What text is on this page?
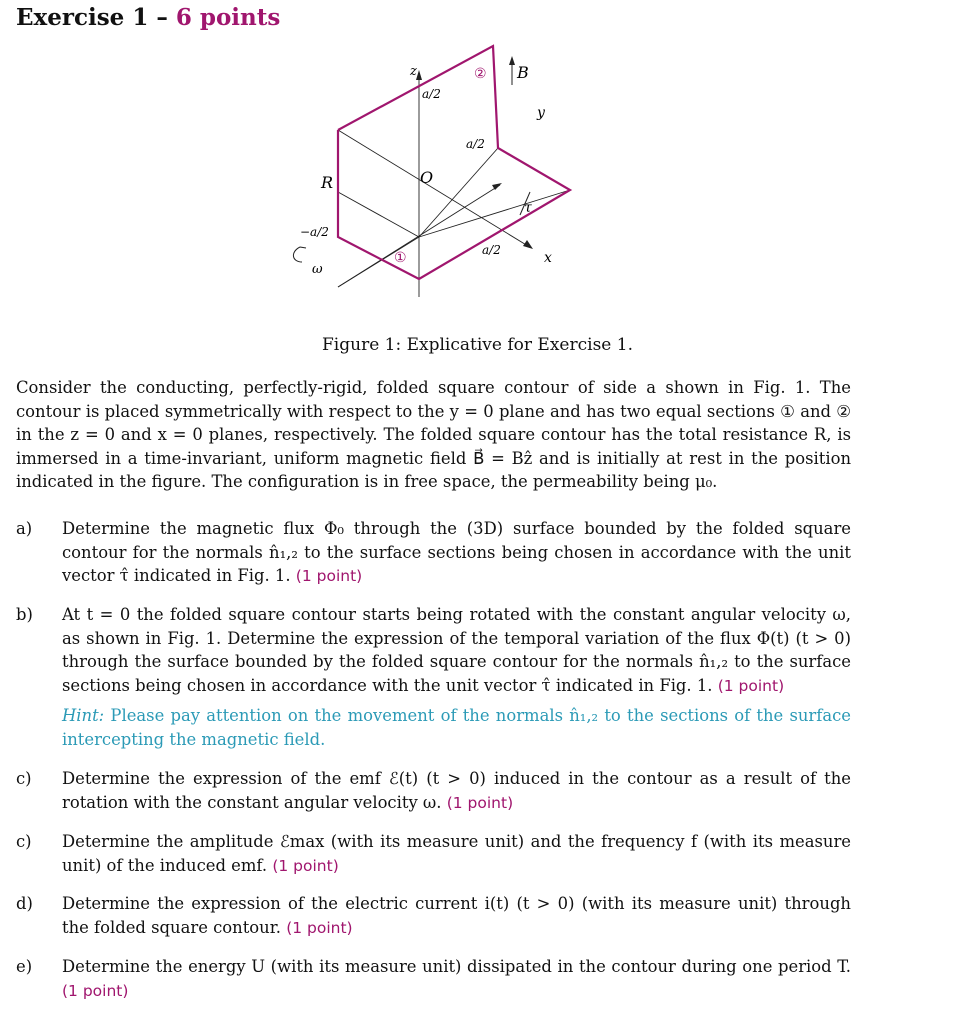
Exercise 1 – 6 points
z
a/2
② B
y
a/2
R	O
τ
−a/2
a/2	x
ω
①
Figure 1: Explicative for Exercise 1.
Consider the conducting, perfectly-rigid, folded square contour of side a shown in Fig. 1. The contour is placed symmetrically with respect to the y = 0 plane and has two equal sections ① and ② in the z = 0 and x = 0 planes, respectively. The folded square contour has the total resistance R, is immersed in a time-invariant, uniform magnetic field B⃗ = Bẑ and is initially at rest in the position indicated in the figure. The configuration is in free space, the permeability being μ₀.
a) Determine the magnetic flux Φ₀ through the (3D) surface bounded by the folded square contour for the normals n̂₁,₂ to the surface sections being chosen in accordance with the unit vector τ̂ indicated in Fig. 1. (1 point)
b) At t = 0 the folded square contour starts being rotated with the constant angular velocity ω, as shown in Fig. 1. Determine the expression of the temporal variation of the flux Φ(t) (t > 0) through the surface bounded by the folded square contour for the normals n̂₁,₂ to the surface sections being chosen in accordance with the unit vector τ̂ indicated in Fig. 1. (1 point)
Hint: Please pay attention on the movement of the normals n̂₁,₂ to the sections of the surface intercepting the magnetic field.
c) Determine the expression of the emf ℰ(t) (t > 0) induced in the contour as a result of the rotation with the constant angular velocity ω. (1 point)
c) Determine the amplitude ℰmax (with its measure unit) and the frequency f (with its measure unit) of the induced emf. (1 point)
d) Determine the expression of the electric current i(t) (t > 0) (with its measure unit) through the folded square contour. (1 point)
e) Determine the energy U (with its measure unit) dissipated in the contour during one period T. (1 point)
